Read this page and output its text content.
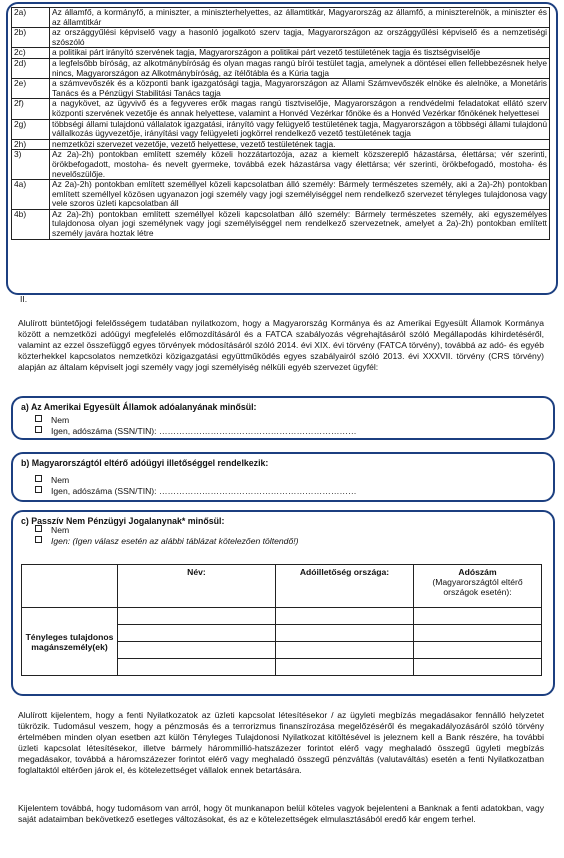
2a)	Az államfő, a kormányfő, a miniszter, a miniszterhelyettes, az államtitkár, Magyarország az államfő, a miniszterelnök, a miniszter és az államtitkár
2b)	az országgyűlési képviselő vagy a hasonló jogalkotó szerv tagja, Magyarországon az országgyűlési képviselő és a nemzetiségi szószóló
2c)	a politikai párt irányító szervének tagja, Magyarországon a politikai párt vezető testületének tagja és tisztségviselője
2d)	a legfelsőbb bíróság, az alkotmánybíróság és olyan magas rangú bírói testület tagja, amelynek a döntései ellen fellebbezésnek helye nincs, Magyarországon az Alkotmánybíróság, az ítélőtábla és a Kúria tagja
2e)	a számvevőszék és a központi bank igazgatósági tagja, Magyarországon az Állami Számvevőszék elnöke és alelnöke, a Monetáris Tanács és a Pénzügyi Stabilitási Tanács tagja
2f)	a nagykövet, az ügyvivő és a fegyveres erők magas rangú tisztviselője, Magyarországon a rendvédelmi feladatokat ellátó szerv központi szervének vezetője és annak helyettese, valamint a Honvéd Vezérkar főnöke és a Honvéd Vezérkar főnökének helyettesei
2g)	többségi állami tulajdonú vállalatok igazgatási, irányító vagy felügyelő testületének tagja, Magyarországon a többségi állami tulajdonú vállalkozás ügyvezetője, irányítási vagy felügyeleti jogkörrel rendelkező vezető testületének tagja
2h)	nemzetközi szervezet vezetője, vezető helyettese, vezető testületének tagja.
3)	Az 2a)-2h) pontokban említett személy közeli hozzátartozója, azaz a kiemelt közszereplő házastársa, élettársa; vér szerinti, örökbefogadott, mostoha- és nevelt gyermeke, továbbá ezek házastársa vagy élettársa; vér szerinti, örökbefogadó, mostoha- és nevelőszülője.
4a)	Az 2a)-2h) pontokban említett személlyel közeli kapcsolatban álló személy: Bármely természetes személy, aki a 2a)-2h) pontokban említett személlyel közösen ugyanazon jogi személy vagy jogi személyiséggel nem rendelkező szervezet tényleges tulajdonosa vagy vele szoros üzleti kapcsolatban áll
4b)	Az 2a)-2h) pontokban említett személlyel közeli kapcsolatban álló személy: Bármely természetes személy, aki egyszemélyes tulajdonosa olyan jogi személynek vagy jogi személyiséggel nem rendelkező szervezetnek, amelyet a 2a)-2h) pontokban említett személy javára hoztak létre
II.
Alulírott büntetőjogi felelősségem tudatában nyilatkozom, hogy a Magyarország Kormánya és az Amerikai Egyesült Államok Kormánya között a nemzetközi adóügyi megfelelés előmozdításáról és a FATCA szabályozás végrehajtásáról szóló Megállapodás kihirdetéséről, valamint az ezzel összefüggő egyes törvények módosításáról szóló 2014. évi XIX. évi törvény (FATCA törvény), továbbá az adó- és egyéb közterhekkel kapcsolatos nemzetközi közigazgatási együttműködés egyes szabályairól szóló 2013. évi XXXVII. törvény (CRS törvény) alapján az általam képviselt jogi személy vagy jogi személyiség nélküli egyéb szervezet ügyfél:
a) Az Amerikai Egyesült Államok adóalanyának minősül:
Nem
Igen, adószáma (SSN/TIN): ……………………………………………………………
b) Magyarországtól eltérő adóügyi illetőséggel rendelkezik:
Nem
Igen, adószáma (SSN/TIN): ……………………………………………………………
c) Passzív Nem Pénzügyi Jogalanynak* minősül:
Nem
Igen: (Igen válasz esetén az alábbi táblázat kötelezően töltendő!)
	Név:	Adóilletőség országa:	Adószám
(Magyarországtól eltérő országok esetén):

Tényleges tulajdonos magánszemély(ek)			

Alulírott kijelentem, hogy a fenti Nyilatkozatok az üzleti kapcsolat létesítésekor / az ügyleti megbízás megadásakor fennálló helyzetet tükrözik. Tudomásul veszem, hogy a pénzmosás és a terrorizmus finanszírozása megelőzéséről és megakadályozásáról szóló törvény értelmében minden olyan esetben azt külön Tényleges Tulajdonosi Nyilatkozat kitöltésével is jeleznem kell a Bank részére, ha további üzleti kapcsolat létesítésekor, illetve bármely hárommillió-hatszázezer forintot elérő vagy meghaladó összegű ügyleti megbízás megadásakor, továbbá a háromszázezer forintot elérő vagy meghaladó összegű pénzváltás (valutaváltás) esetén a fenti Nyilatkozatban foglaltaktól eltérően járok el, és kötelezettséget vállalok ennek betartására.
Kijelentem továbbá, hogy tudomásom van arról, hogy öt munkanapon belül köteles vagyok bejelenteni a Banknak a fenti adatokban, vagy saját adataimban bekövetkező esetleges változásokat, és az e kötelezettségek elmulasztásából eredő kár engem terhel.
